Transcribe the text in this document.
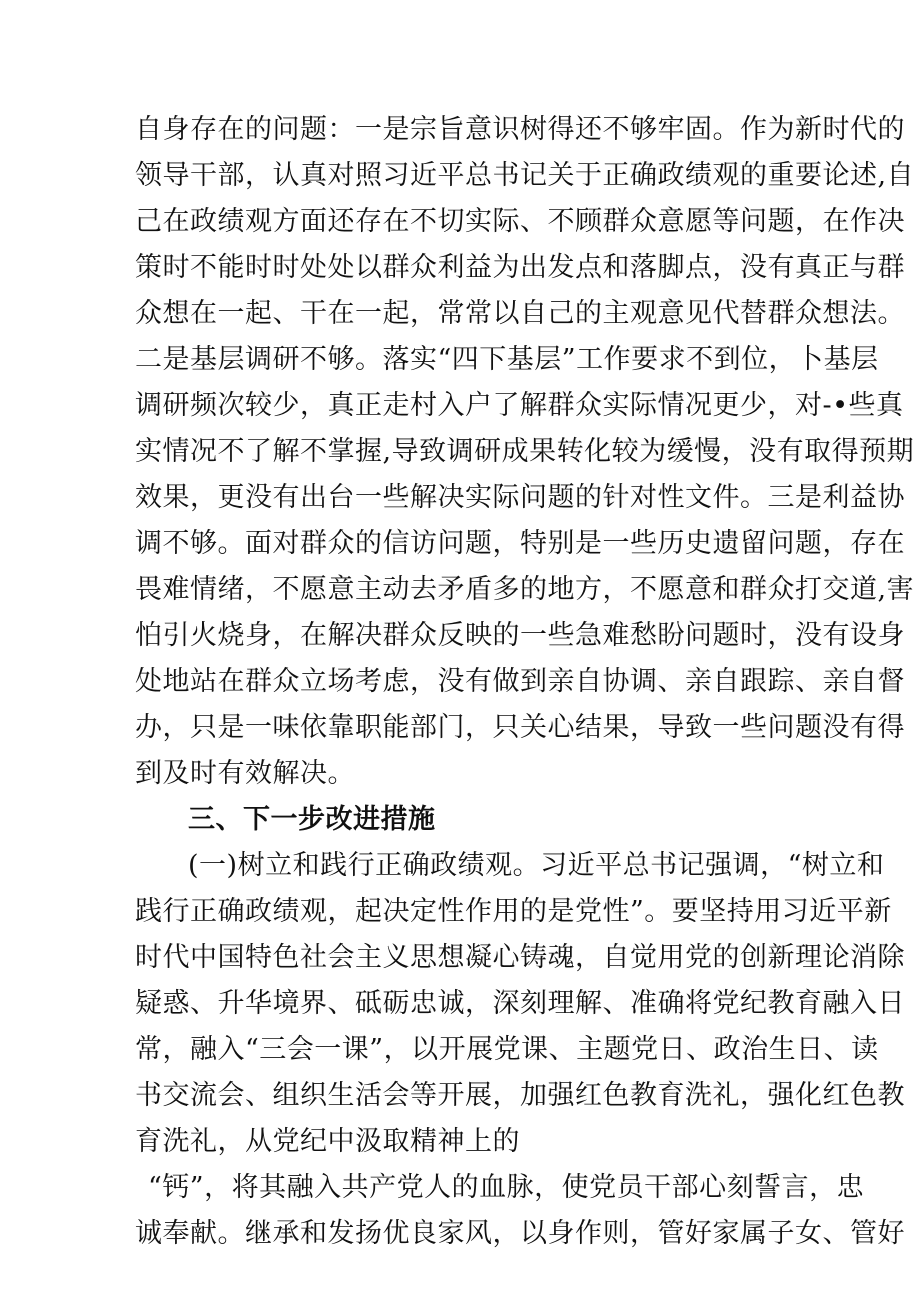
自身存在的问题：一是宗旨意识树得还不够牢固。作为新时代的
领导干部，认真对照习近平总书记关于正确政绩观的重要论述,自
己在政绩观方面还存在不切实际、不顾群众意愿等问题，在作决
策时不能时时处处以群众利益为出发点和落脚点，没有真正与群
众想在一起、干在一起，常常以自己的主观意见代替群众想法。
二是基层调研不够。落实“四下基层”工作要求不到位，卜基层
调研频次较少，真正走村入户了解群众实际情况更少，对-•些真
实情况不了解不掌握,导致调研成果转化较为缓慢，没有取得预期
效果，更没有出台一些解决实际问题的针对性文件。三是利益协
调不够。面对群众的信访问题，特别是一些历史遗留问题，存在
畏难情绪，不愿意主动去矛盾多的地方，不愿意和群众打交道,害
怕引火烧身，在解决群众反映的一些急难愁盼问题时，没有设身
处地站在群众立场考虑，没有做到亲自协调、亲自跟踪、亲自督
办，只是一味依靠职能部门，只关心结果，导致一些问题没有得
到及时有效解决。
三、下一步改进措施
(一)树立和践行正确政绩观。习近平总书记强调，“树立和
践行正确政绩观，起决定性作用的是党性”。要坚持用习近平新
时代中国特色社会主义思想凝心铸魂，自觉用党的创新理论消除
疑惑、升华境界、砥砺忠诚，深刻理解、准确将党纪教育融入日
常，融入“三会一课”，以开展党课、主题党日、政治生日、读
书交流会、组织生活会等开展，加强红色教育洗礼，强化红色教
育洗礼，从党纪中汲取精神上的
“钙”，将其融入共产党人的血脉，使党员干部心刻誓言，忠
诚奉献。继承和发扬优良家风，以身作则，管好家属子女、管好
